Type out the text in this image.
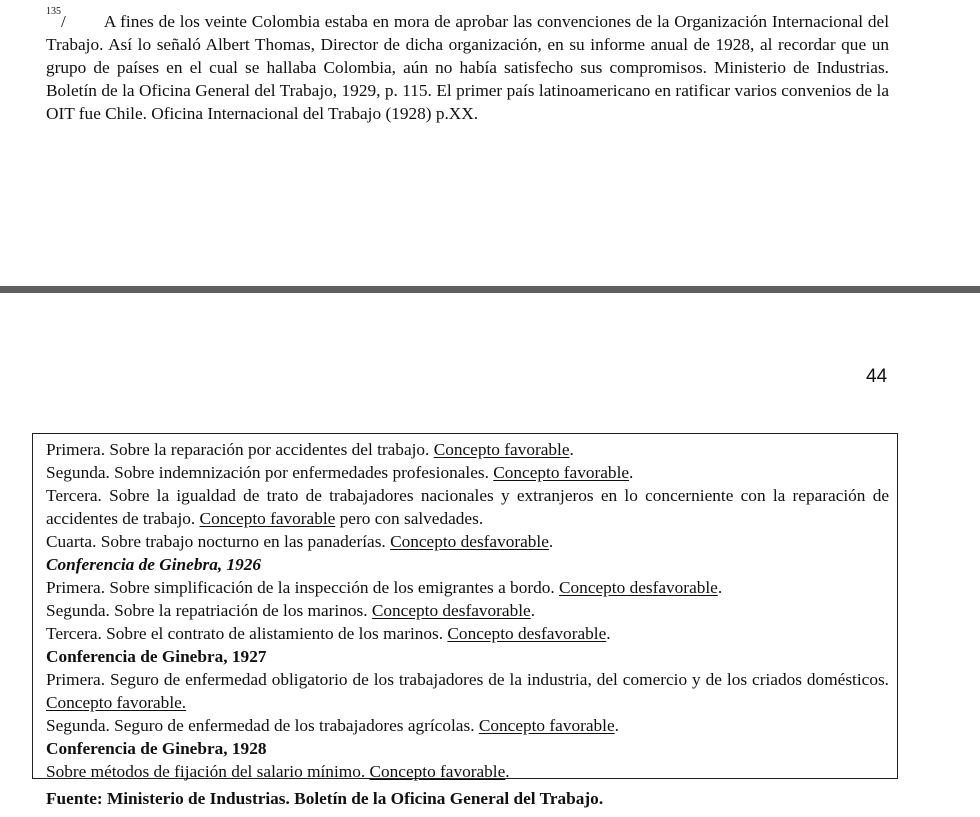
$^{135}$/ A fines de los veinte Colombia estaba en mora de aprobar las convenciones de la Organización Internacional del Trabajo. Así lo señaló Albert Thomas, Director de dicha organización, en su informe anual de 1928, al recordar que un grupo de países en el cual se hallaba Colombia, aún no había satisfecho sus compromisos. Ministerio de Industrias. Boletín de la Oficina General del Trabajo, 1929, p. 115. El primer país latinoamericano en ratificar varios convenios de la OIT fue Chile. Oficina Internacional del Trabajo (1928) p.XX.
44

Primera. Sobre la reparación por accidentes del trabajo. Concepto favorable.

Segunda. Sobre indemnización por enfermedades profesionales. Concepto favorable.

Tercera. Sobre la igualdad de trato de trabajadores nacionales y extranjeros en lo concerniente con la reparación de accidentes de trabajo. Concepto favorable pero con salvedades.

Cuarta. Sobre trabajo nocturno en las panaderías. Concepto desfavorable.

Conferencia de Ginebra, 1926

Primera. Sobre simplificación de la inspección de los emigrantes a bordo. Concepto desfavorable.

Segunda. Sobre la repatriación de los marinos. Concepto desfavorable.

Tercera. Sobre el contrato de alistamiento de los marinos. Concepto desfavorable.

Conferencia de Ginebra, 1927

Primera. Seguro de enfermedad obligatorio de los trabajadores de la industria, del comercio y de los criados domésticos. Concepto favorable.

Segunda. Seguro de enfermedad de los trabajadores agrícolas. Concepto favorable.

Conferencia de Ginebra, 1928

Sobre métodos de fijación del salario mínimo. Concepto favorable.

Fuente: Ministerio de Industrias. Boletín de la Oficina General del Trabajo.
